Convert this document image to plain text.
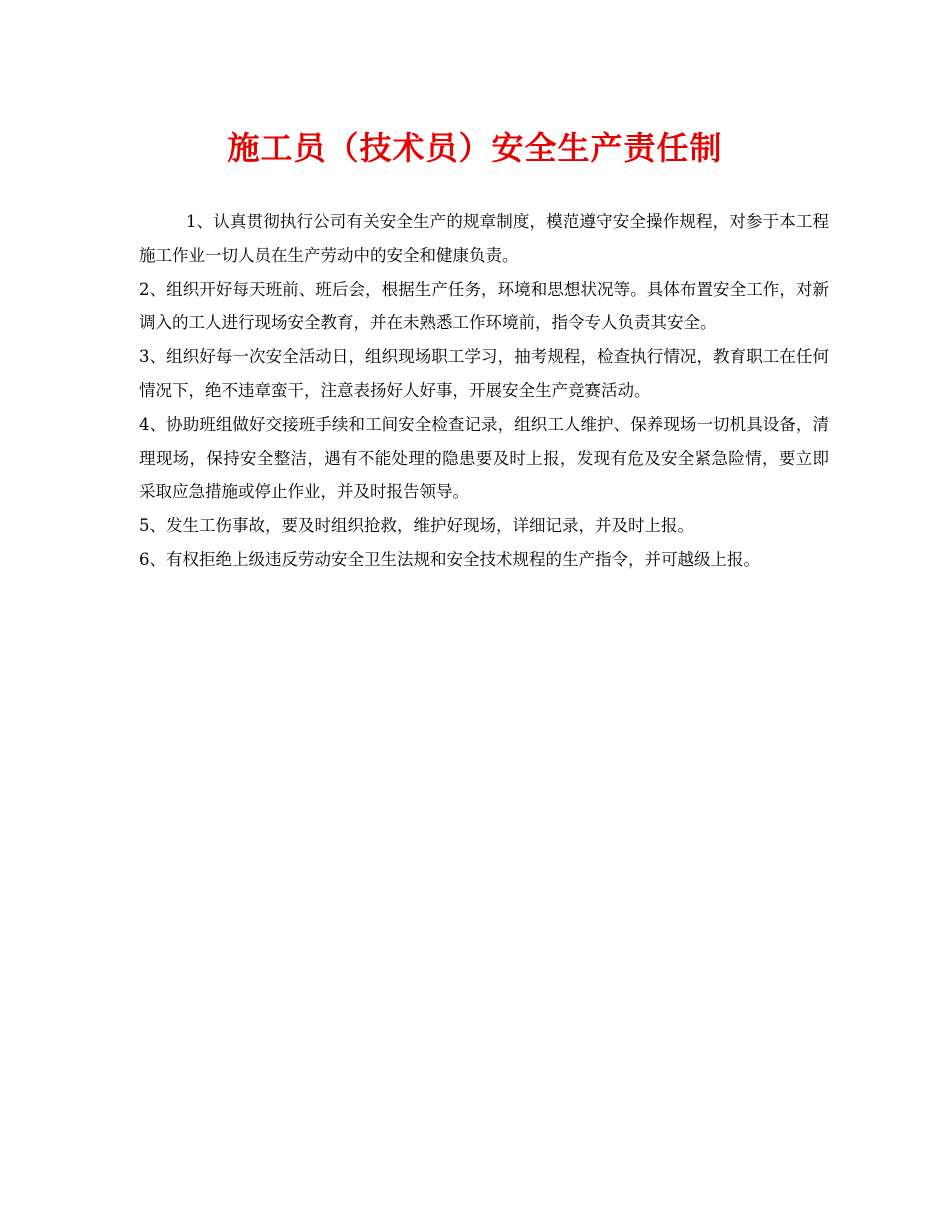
施工员（技术员）安全生产责任制

1、认真贯彻执行公司有关安全生产的规章制度，模范遵守安全操作规程，对参于本工程施工作业一切人员在生产劳动中的安全和健康负责。

2、组织开好每天班前、班后会，根据生产任务，环境和思想状况等。具体布置安全工作，对新调入的工人进行现场安全教育，并在未熟悉工作环境前，指令专人负责其安全。

3、组织好每一次安全活动日，组织现场职工学习，抽考规程，检查执行情况，教育职工在任何情况下，绝不违章蛮干，注意表扬好人好事，开展安全生产竞赛活动。

4、协助班组做好交接班手续和工间安全检查记录，组织工人维护、保养现场一切机具设备，清理现场，保持安全整洁，遇有不能处理的隐患要及时上报，发现有危及安全紧急险情，要立即采取应急措施或停止作业，并及时报告领导。

5、发生工伤事故，要及时组织抢救，维护好现场，详细记录，并及时上报。

6、有权拒绝上级违反劳动安全卫生法规和安全技术规程的生产指令，并可越级上报。
